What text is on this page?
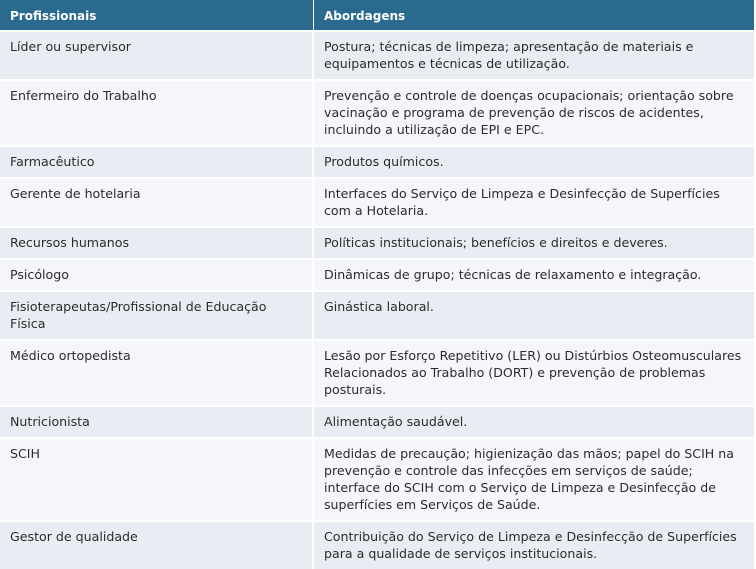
Profissionais	Abordagens
Líder ou supervisor	Postura; técnicas de limpeza; apresentação de materiais e equipamentos e técnicas de utilização.
Enfermeiro do Trabalho	Prevenção e controle de doenças ocupacionais; orientação sobre vacinação e programa de prevenção de riscos de acidentes, incluindo a utilização de EPI e EPC.
Farmacêutico	Produtos químicos.
Gerente de hotelaria	Interfaces do Serviço de Limpeza e Desinfecção de Superfícies com a Hotelaria.
Recursos humanos	Políticas institucionais; benefícios e direitos e deveres.
Psicólogo	Dinâmicas de grupo; técnicas de relaxamento e integração.
Fisioterapeutas/Profissional de Educação Física	Ginástica laboral.
Médico ortopedista	Lesão por Esforço Repetitivo (LER) ou Distúrbios Osteomusculares Relacionados ao Trabalho (DORT) e prevenção de problemas posturais.
Nutricionista	Alimentação saudável.
SCIH	Medidas de precaução; higienização das mãos; papel do SCIH na prevenção e controle das infecções em serviços de saúde; interface do SCIH com o Serviço de Limpeza e Desinfecção de superfícies em Serviços de Saúde.
Gestor de qualidade	Contribuição do Serviço de Limpeza e Desinfecção de Superfícies para a qualidade de serviços institucionais.
